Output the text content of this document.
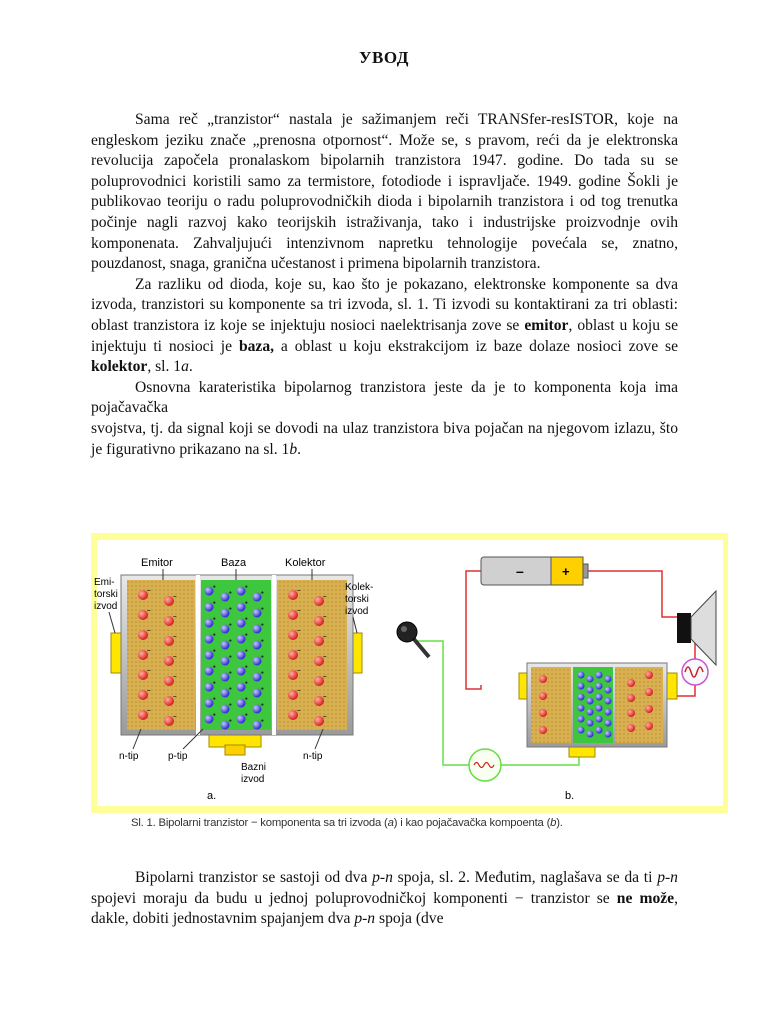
УВОД

Sama reč „tranzistor“ nastala je sažimanjem reči TRANSfer-resISTOR, koje na engleskom jeziku znače „prenosna otpornost“. Može se, s pravom, reći da je elektronska revolucija započela pronalaskom bipolarnih tranzistora 1947. godine. Do tada su se poluprovodnici koristili samo za termistore, fotodiode i ispravljače. 1949. godine Šokli je publikovao teoriju o radu poluprovodničkih dioda i bipolarnih tranzistora i od tog trenutka počinje nagli razvoj kako teorijskih istraživanja, tako i industrijske proizvodnje ovih komponenata. Zahvaljujući intenzivnom napretku tehnologije povećala se, znatno, pouzdanost, snaga, granična učestanost i primena bipolarnih tranzistora.

Za razliku od dioda, koje su, kao što je pokazano, elektronske komponente sa dva izvoda, tranzistori su komponente sa tri izvoda, sl. 1. Ti izvodi su kontaktirani za tri oblasti: oblast tranzistora iz koje se injektuju nosioci naelektrisanja zove se emitor, oblast u koju se injektuju ti nosioci je baza, a oblast u koju ekstrakcijom iz baze dolaze nosioci zove se kolektor, sl. 1a.

Osnovna karateristika bipolarnog tranzistora jeste da je to komponenta koja ima pojačavačka

svojstva, tj. da signal koji se dovodi na ulaz tranzistora biva pojačan na njegovom izlazu, što je figurativno prikazano na sl. 1b.

–	–
–	–
–	–
–	–
–	–
–	–
–	–
–	–
–	–
–	–
–	–
–	–
–	–
–	–
+
+
+
+
+
+
+
+
+
+
+
+
+
+
+
+
+
+
+
+
+
+
+
+
+
+
+
+
+
+
+
+
+
+
+
+
Emitor	Baza	Kolektor
Emi-
torski
izvod
Kolek-
torski
izvod
n-tip	p-tip	n-tip
Bazni
izvod
a.
–	+
b.
Sl. 1. Bipolarni tranzistor − komponenta sa tri izvoda (a) i kao pojačavačka kompoenta (b).

Bipolarni tranzistor se sastoji od dva p-n spoja, sl. 2. Međutim, naglašava se da ti p-n spojevi moraju da budu u jednoj poluprovodničkoj komponenti − tranzistor se ne može, dakle, dobiti jednostavnim spajanjem dva p-n spoja (dve
